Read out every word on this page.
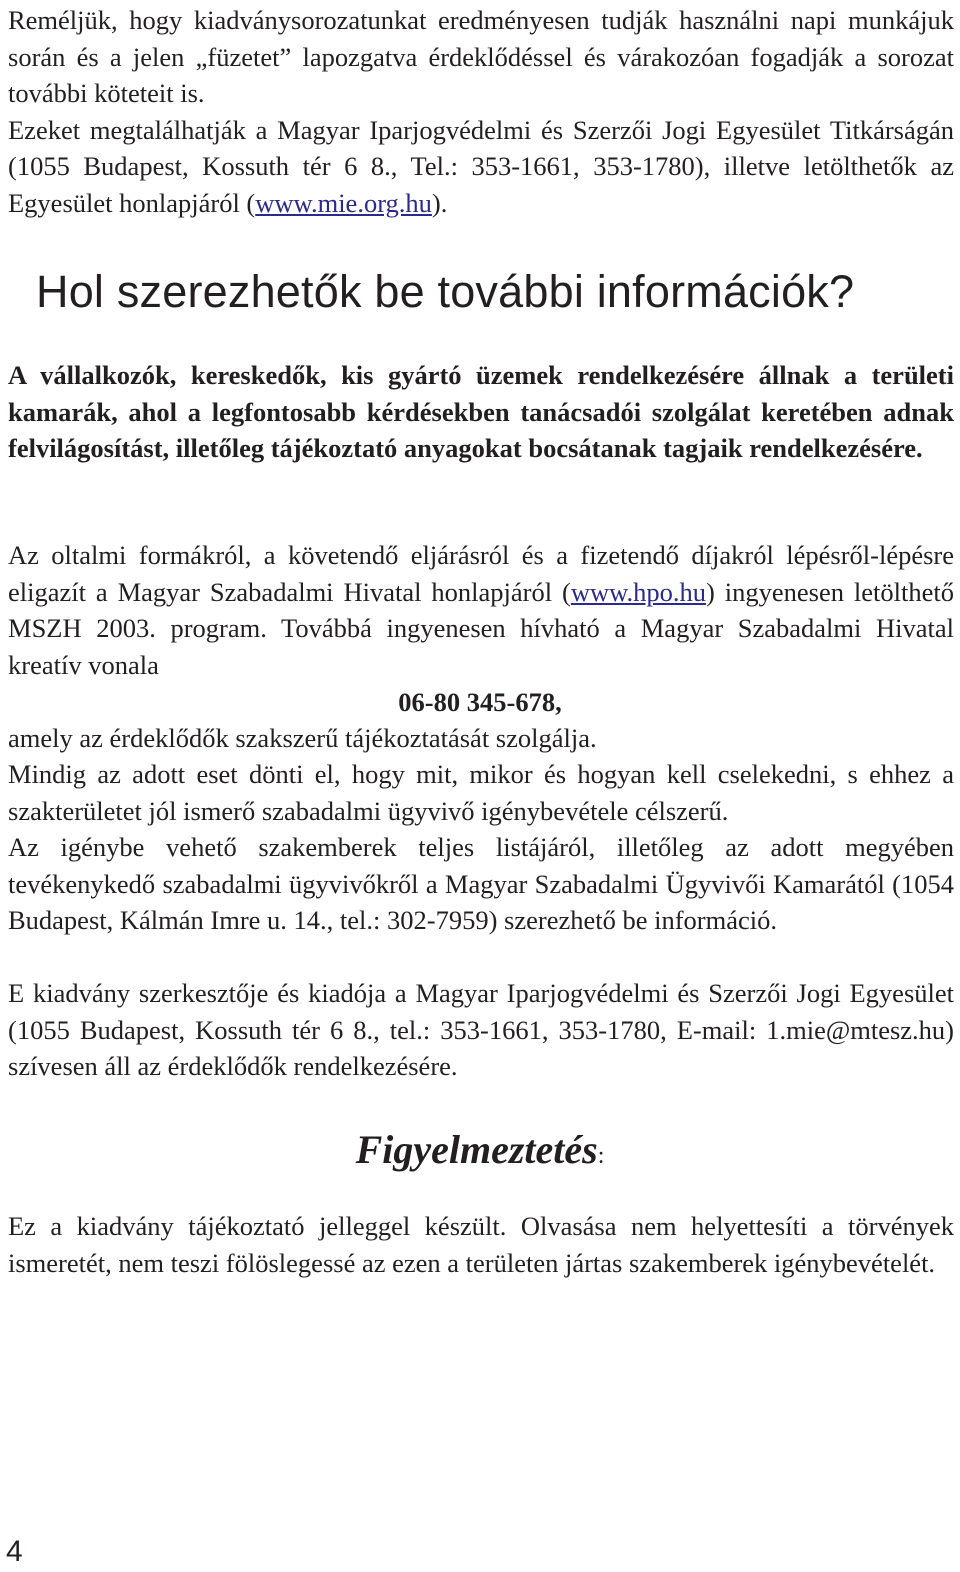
Reméljük, hogy kiadványsorozatunkat eredményesen tudják használni napi munkájuk során és a jelen „füzetet” lapozgatva érdeklődéssel és várakozóan fogadják a sorozat további köteteit is.
Ezeket megtalálhatják a Magyar Iparjogvédelmi és Szerzői Jogi Egyesület Titkárságán (1055 Budapest, Kossuth tér 6 8., Tel.: 353-1661, 353-1780), illetve letölthetők az Egyesület honlapjáról (www.mie.org.hu).

Hol szerezhetők be további információk?

A vállalkozók, kereskedők, kis gyártó üzemek rendelkezésére állnak a területi kamarák, ahol a legfontosabb kérdésekben tanácsadói szolgálat keretében adnak felvilágosítást, illetőleg tájékoztató anyagokat bocsátanak tagjaik rendelkezésére.

Az oltalmi formákról, a követendő eljárásról és a fizetendő díjakról lépésről-lépésre eligazít a Magyar Szabadalmi Hivatal honlapjáról (www.hpo.hu) ingyenesen letölthető MSZH 2003. program. Továbbá ingyenesen hívható a Magyar Szabadalmi Hivatal kreatív vonala

06-80 345-678,

amely az érdeklődők szakszerű tájékoztatását szolgálja.

Mindig az adott eset dönti el, hogy mit, mikor és hogyan kell cselekedni, s ehhez a szakterületet jól ismerő szabadalmi ügyvivő igénybevétele célszerű.

Az igénybe vehető szakemberek teljes listájáról, illetőleg az adott megyében tevékenykedő szabadalmi ügyvivőkről a Magyar Szabadalmi Ügyvivői Kamarától (1054 Budapest, Kálmán Imre u. 14., tel.: 302-7959) szerezhető be információ.

E kiadvány szerkesztője és kiadója a Magyar Iparjogvédelmi és Szerzői Jogi Egyesület (1055 Budapest, Kossuth tér 6 8., tel.: 353-1661, 353-1780, E-mail: 1.mie@mtesz.hu) szívesen áll az érdeklődők rendelkezésére.

Figyelmeztetés:

Ez a kiadvány tájékoztató jelleggel készült. Olvasása nem helyettesíti a törvények ismeretét, nem teszi fölöslegessé az ezen a területen jártas szakemberek igénybevételét.

4
